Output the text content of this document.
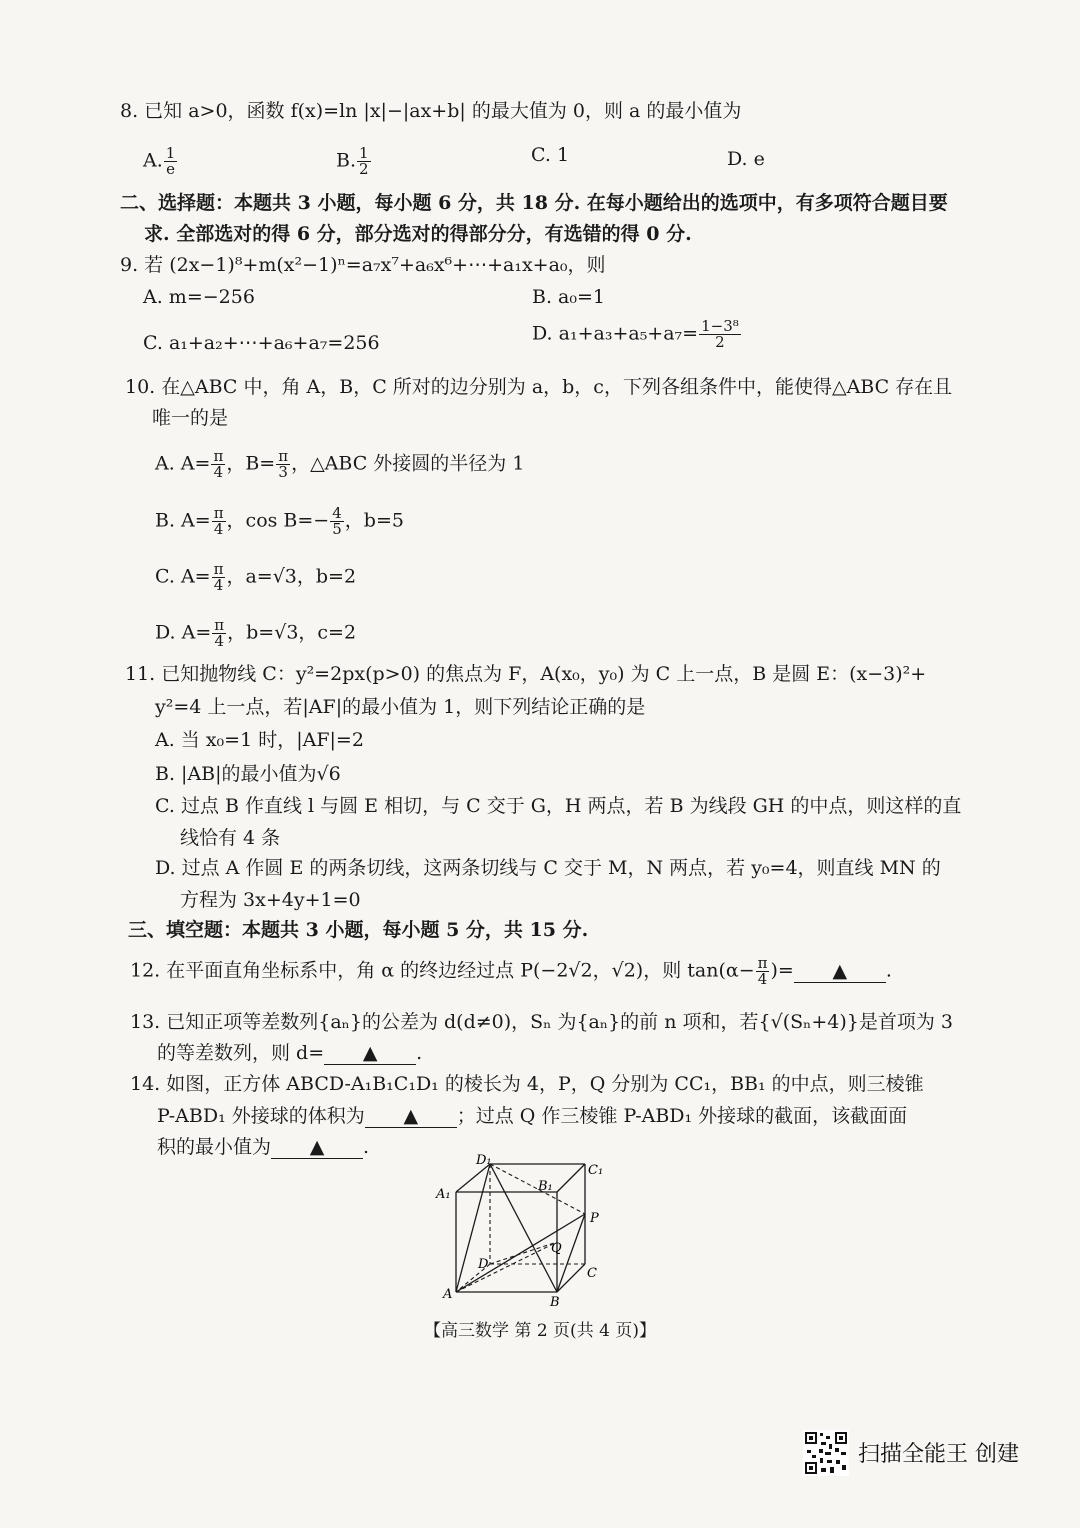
8. 已知 a>0，函数 f(x)=ln |x|−|ax+b| 的最大值为 0，则 a 的最小值为
A. $\frac{1}{e}$	B. $\frac{1}{2}$	C. 1	D. e
二、选择题：本题共 3 小题，每小题 6 分，共 18 分. 在每小题给出的选项中，有多项符合题目要
求. 全部选对的得 6 分，部分选对的得部分分，有选错的得 0 分.
9. 若 (2x−1)⁸+m(x²−1)ⁿ=a₇x⁷+a₆x⁶+⋯+a₁x+a₀，则
A. m=−256	B. a₀=1
C. a₁+a₂+⋯+a₆+a₇=256	D. $a_1+a_3+a_5+a_7= \frac{\text{1−3⁸}}{2}$
10. 在△ABC 中，角 A，B，C 所对的边分别为 a，b，c，下列各组条件中，能使得△ABC 存在且
唯一的是
A. $A= \frac{\pi}{4}$ ，$B= \frac{\pi}{3}$ ，△ABC 外接圆的半径为 1
B. $A= \frac{\pi}{4}$ ，$\cos B=- \frac{4}{5}$ ，b=5
C. $A= \frac{\pi}{4}$ ，a=√3，b=2
D. $A= \frac{\pi}{4}$ ，b=√3，c=2
11. 已知抛物线 C：y²=2px(p>0) 的焦点为 F，A(x₀，y₀) 为 C 上一点，B 是圆 E：(x−3)²+
y²=4 上一点，若|AF|的最小值为 1，则下列结论正确的是
A. 当 x₀=1 时，|AF|=2
B. |AB|的最小值为√6
C. 过点 B 作直线 l 与圆 E 相切，与 C 交于 G，H 两点，若 B 为线段 GH 的中点，则这样的直
线恰有 4 条
D. 过点 A 作圆 E 的两条切线，这两条切线与 C 交于 M，N 两点，若 y₀=4，则直线 MN 的
方程为 3x+4y+1=0
三、填空题：本题共 3 小题，每小题 5 分，共 15 分.
12. 在平面直角坐标系中，角 α 的终边经过点 P(−2√2，√2)，则 $\tan(\alpha- \frac{\pi}{4}$ )= ▲ .
13. 已知正项等差数列{aₙ}的公差为 d(d≠0)，Sₙ 为{aₙ}的前 n 项和，若{√(Sₙ+4)}是首项为 3
的等差数列，则 d= ▲ .
14. 如图，正方体 ABCD-A₁B₁C₁D₁ 的棱长为 4，P，Q 分别为 CC₁，BB₁ 的中点，则三棱锥
P-ABD₁ 外接球的体积为 ▲ ；过点 Q 作三棱锥 P-ABD₁ 外接球的截面，该截面面
积的最小值为 ▲ .
D₁
C₁
A₁
B₁
P
Q
D
C
A
B
【高三数学 第 2 页(共 4 页)】
扫描全能王 创建
